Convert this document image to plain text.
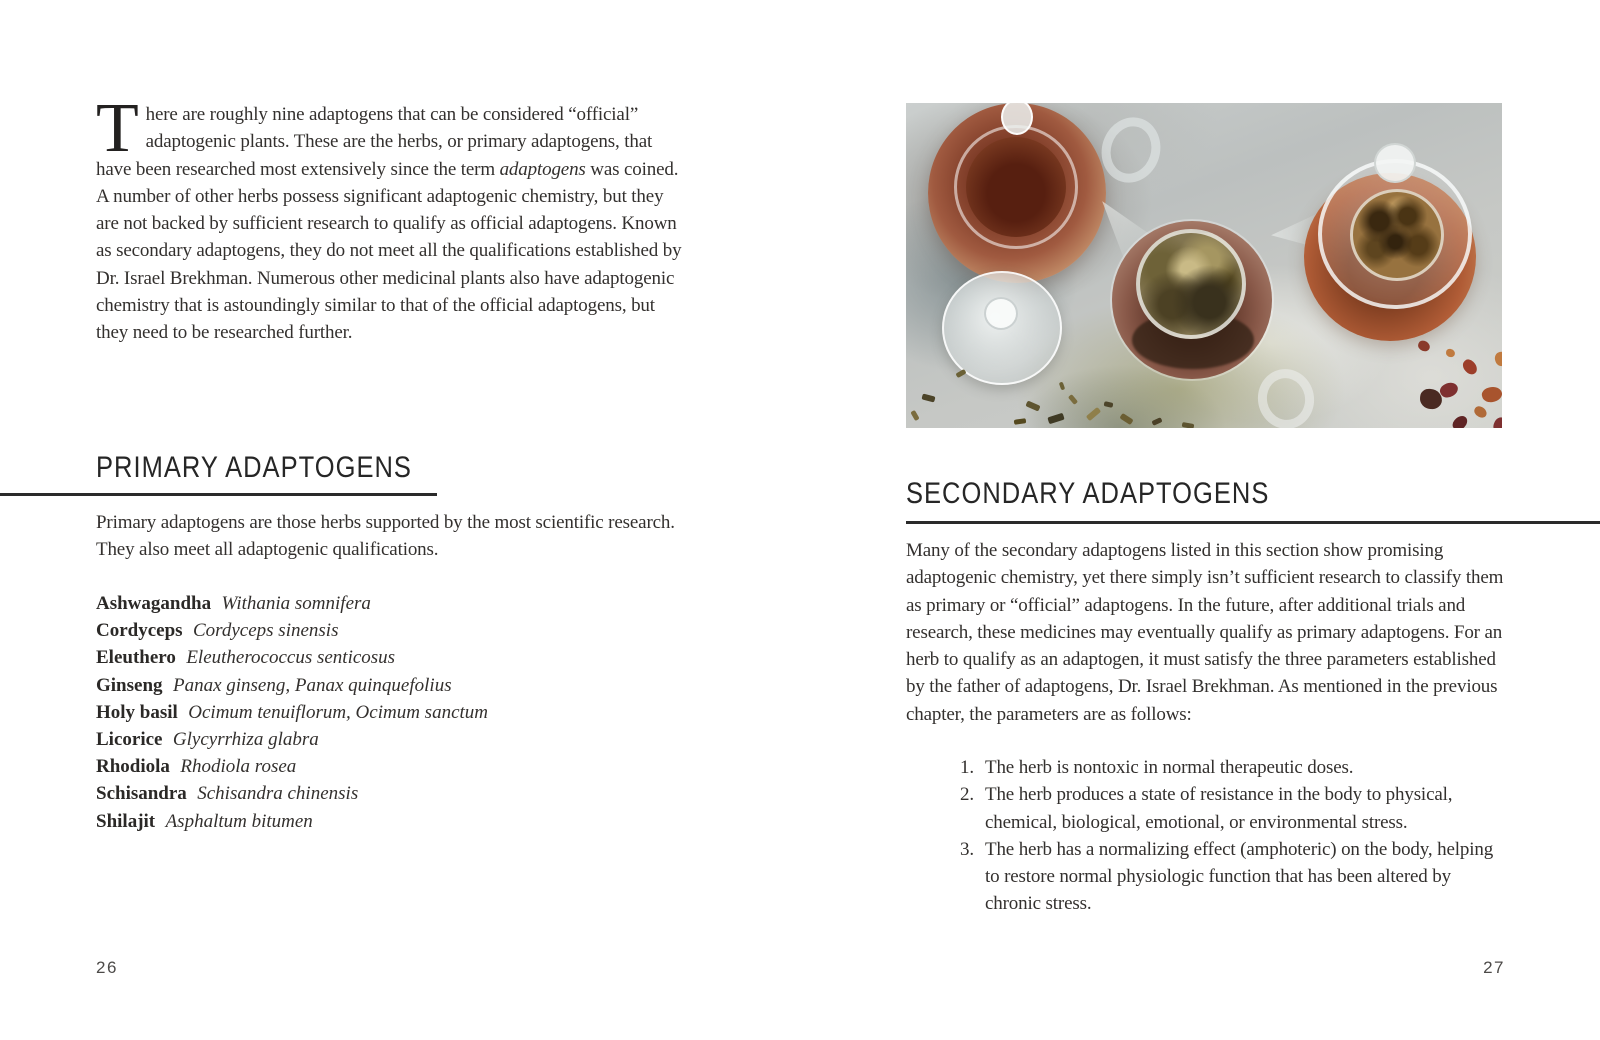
There are roughly nine adaptogens that can be considered “official” adaptogenic plants. These are the herbs, or primary adaptogens, that have been researched most extensively since the term adaptogens was coined. A number of other herbs possess significant adaptogenic chemistry, but they are not backed by sufficient research to qualify as official adaptogens. Known as secondary adaptogens, they do not meet all the qualifications established by Dr. Israel Brekhman. Numerous other medicinal plants also have adaptogenic chemistry that is astoundingly similar to that of the official adaptogens, but they need to be researched further.

PRIMARY ADAPTOGENS

Primary adaptogens are those herbs supported by the most scientific research. They also meet all adaptogenic qualifications.

Ashwagandha Withania somnifera
Cordyceps Cordyceps sinensis
Eleuthero Eleutherococcus senticosus
Ginseng Panax ginseng, Panax quinquefolius
Holy basil Ocimum tenuiflorum, Ocimum sanctum
Licorice Glycyrrhiza glabra
Rhodiola Rhodiola rosea
Schisandra Schisandra chinensis
Shilajit Asphaltum bitumen
26
SECONDARY ADAPTOGENS

Many of the secondary adaptogens listed in this section show promising adaptogenic chemistry, yet there simply isn’t sufficient research to classify them as primary or “official” adaptogens. In the future, after additional trials and research, these medicines may eventually qualify as primary adaptogens. For an herb to qualify as an adaptogen, it must satisfy the three parameters established by the father of adaptogens, Dr. Israel Brekhman. As mentioned in the previous chapter, the parameters are as follows:

1. The herb is nontoxic in normal therapeutic doses.
2. The herb produces a state of resistance in the body to physical, chemical, biological, emotional, or environmental stress.
3. The herb has a normalizing effect (amphoteric) on the body, helping to restore normal physiologic function that has been altered by chronic stress.
27
